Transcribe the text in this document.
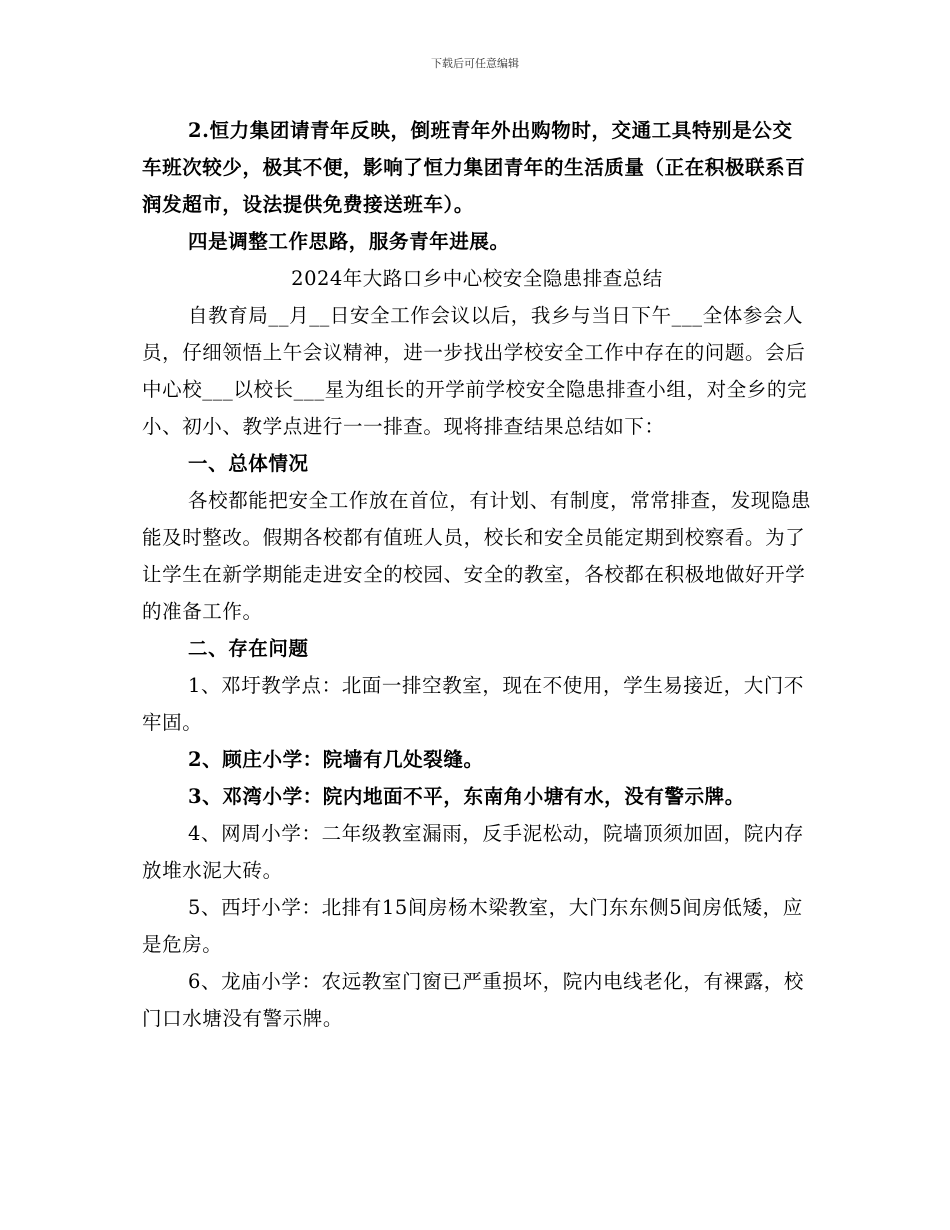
下载后可任意编辑

2.恒力集团请青年反映，倒班青年外出购物时，交通工具特别是公交车班次较少，极其不便，影响了恒力集团青年的生活质量（正在积极联系百润发超市，设法提供免费接送班车）。

四是调整工作思路，服务青年进展。

2024年大路口乡中心校安全隐患排查总结

自教育局__月__日安全工作会议以后，我乡与当日下午___全体参会人员，仔细领悟上午会议精神，进一步找出学校安全工作中存在的问题。会后中心校___以校长___星为组长的开学前学校安全隐患排查小组，对全乡的完小、初小、教学点进行一一排查。现将排查结果总结如下：

一、总体情况

各校都能把安全工作放在首位，有计划、有制度，常常排查，发现隐患能及时整改。假期各校都有值班人员，校长和安全员能定期到校察看。为了让学生在新学期能走进安全的校园、安全的教室，各校都在积极地做好开学的准备工作。

二、存在问题

1、邓圩教学点：北面一排空教室，现在不使用，学生易接近，大门不牢固。

2、顾庄小学：院墙有几处裂缝。

3、邓湾小学：院内地面不平，东南角小塘有水，没有警示牌。

4、网周小学：二年级教室漏雨，反手泥松动，院墙顶须加固，院内存放堆水泥大砖。

5、西圩小学：北排有15间房杨木梁教室，大门东东侧5间房低矮，应是危房。

6、龙庙小学：农远教室门窗已严重损坏，院内电线老化，有裸露，校门口水塘没有警示牌。
